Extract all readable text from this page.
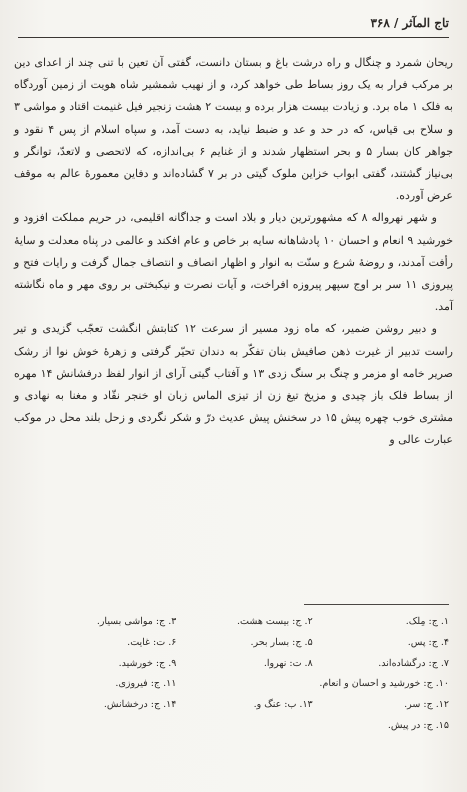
تاج المآثر / ۳۶۸

ریحان شمرد و چنگال و راه درشت باغ و بستان دانست، گفتی آن تعین با تنی چند از اعدای دین بر مرکب فرار به یک روز بساط طی خواهد کرد، و از نهیب شمشیر شاه هویت از زمین آوردگاه به فلک ۱ ماه برد. و زیادت بیست هزار برده و بیست ۲ هشت زنجیر فیل غنیمت اقتاد و مواشی ۳ و سلاح بی قیاس، که در حد و عد و ضبط نیاید، به دست آمد، و سپاه اسلام از پس ۴ نقود و جواهر کان بسار ۵ و بحر استظهار شدند و از غنایم ۶ بی‌اندازه، که لاتحصی و لاتعدّ، توانگر و بی‌نیاز گشتند، گفتی ابواب خزاین ملوک گیتی در بر ۷ گشاده‌اند و دفاین معمورهٔ عالم به موقف عرض آورده.

و شهر نهرواله ۸ که مشهورترین دیار و بلاد است و جداگانه اقلیمی، در حریم مملکت افزود و خورشید ۹ انعام و احسان ۱۰ پادشاهانه سایه بر خاص و عام افکند و عالمی در پناه معدلت و سایهٔ رأفت آمدند، و روضهٔ شرع و سنّت به انوار و اظهار انصاف و انتصاف جمال گرفت و رایات فتح و پیروزی ۱۱ سر بر اوج سپهر پیروزه افراخت، و آیات نصرت و نیکبختی بر روی مهر و ماه نگاشته آمد.

و دبیر روشن ضمیر، که ماه زود مسیر از سرعت ۱۲ کتابتش انگشت تعجّب گزیدی و تیر راست تدبیر از غیرت ذهن صافیش بنان تفکّر به دندان تحیّر گرفتی و زهرهٔ خوش نوا از رشک صریر خامه او مزمر و چنگ بر سنگ زدی ۱۳ و آفتاب گیتی آرای از انوار لفظ درفشانش ۱۴ مهره از بساط فلک باز چیدی و مزیخ تیغ زن از تیزی الماس زبان او خنجر نقّاد و مغنا به نهادی و مشتری خوب چهره پیش ۱۵ در سخنش پیش عدیث درّ و شکر نگردی و زحل بلند محل در موکب عبارت عالی و

۱. ج: مِلک.
۲. ج: بیست هشت.
۳. ج: مواشی بسیار.
۴. ج: پس.
۵. ج: بسار بحر.
۶. ت: غایت.
۷. ج: درگشاده‌اند.
۸. ت: نهروا.
۹. ج: خورشید.
۱۰. ج: خورشید و احسان و انعام.
۱۱. ج: فیروزی.
۱۲. ج: سر.
۱۳. ب: عنگ و.
۱۴. ج: درخشانش.
۱۵. ج: در پیش.
